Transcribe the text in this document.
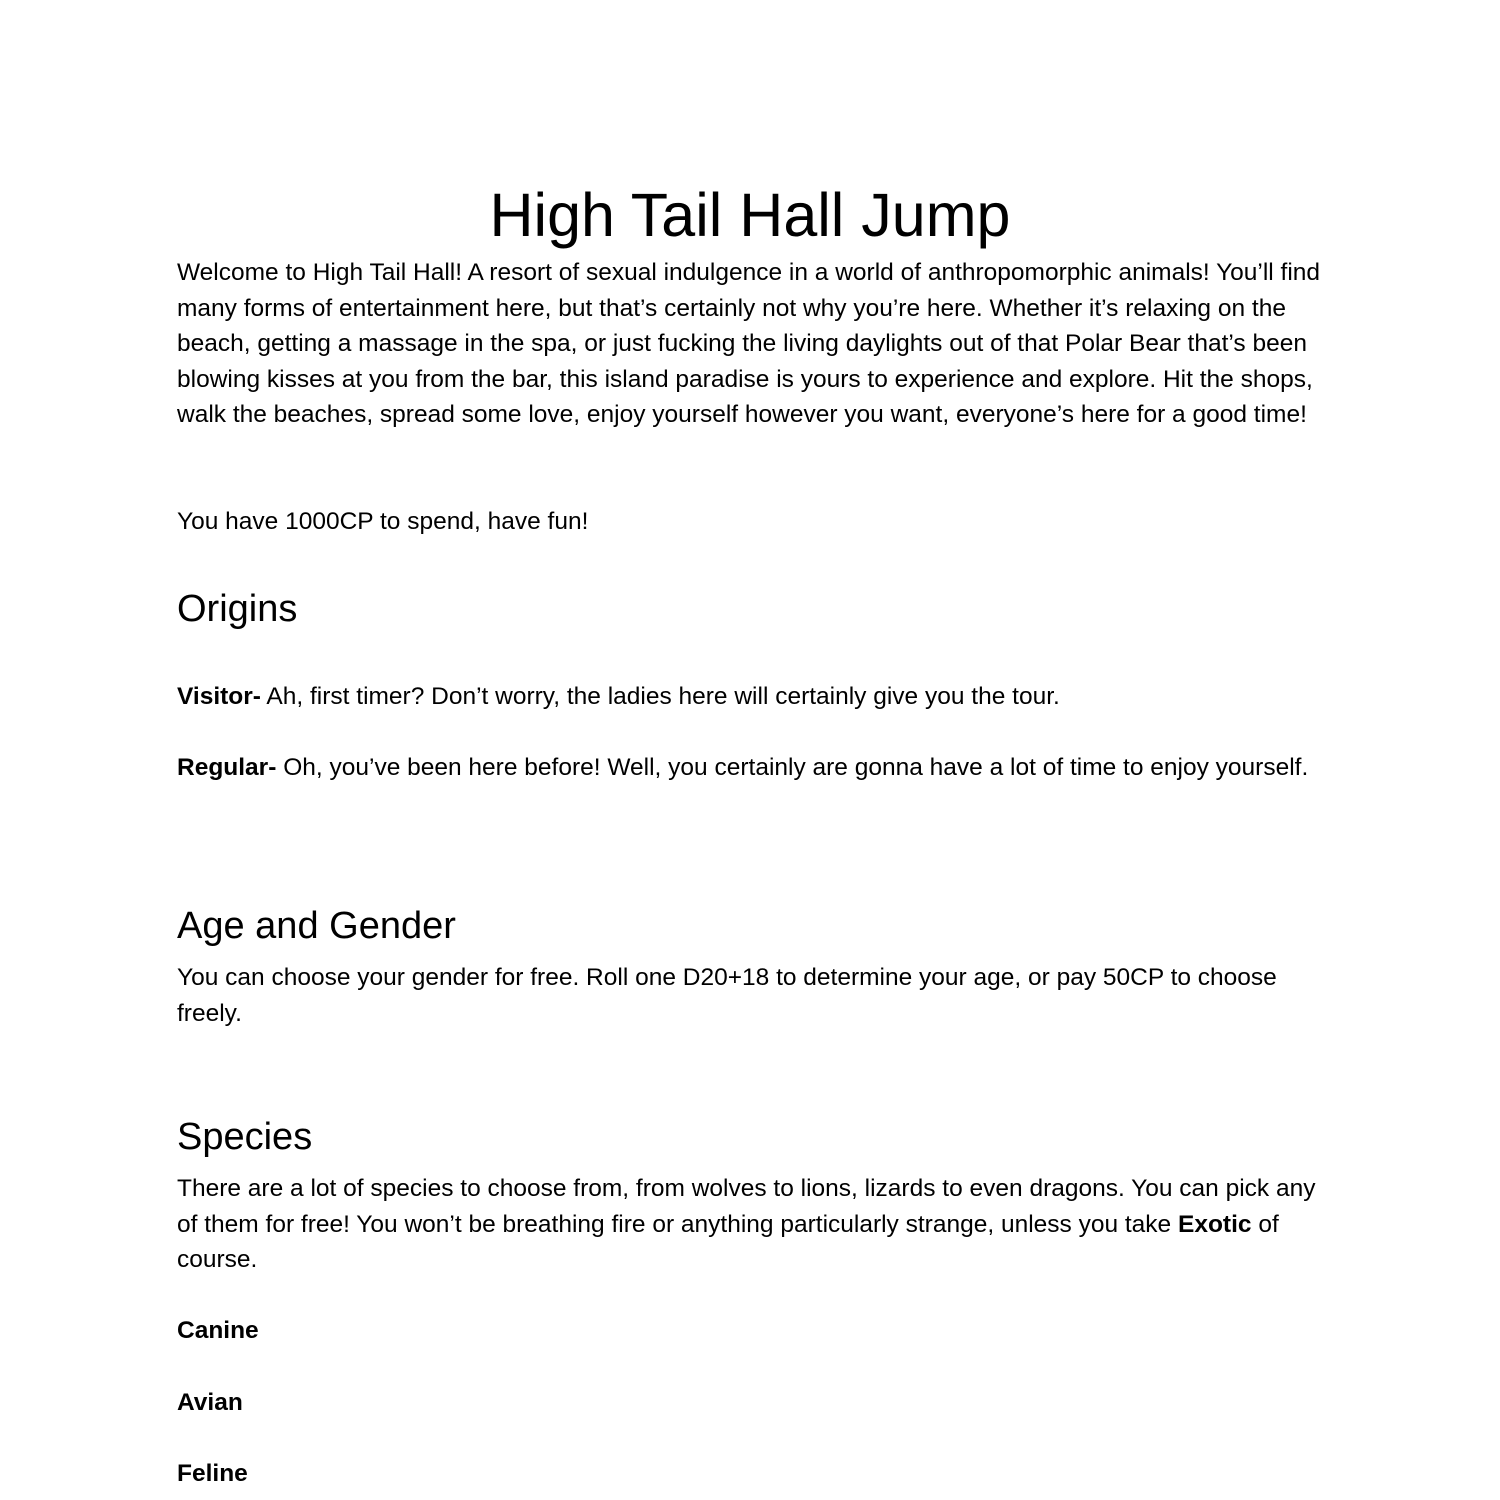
High Tail Hall Jump

Welcome to High Tail Hall! A resort of sexual indulgence in a world of anthropomorphic animals! You’ll find many forms of entertainment here, but that’s certainly not why you’re here. Whether it’s relaxing on the beach, getting a massage in the spa, or just fucking the living daylights out of that Polar Bear that’s been blowing kisses at you from the bar, this island paradise is yours to experience and explore. Hit the shops, walk the beaches, spread some love, enjoy yourself however you want, everyone’s here for a good time!

You have 1000CP to spend, have fun!

Origins

Visitor- Ah, first timer? Don’t worry, the ladies here will certainly give you the tour.

Regular- Oh, you’ve been here before! Well, you certainly are gonna have a lot of time to enjoy yourself.

Age and Gender

You can choose your gender for free. Roll one D20+18 to determine your age, or pay 50CP to choose freely.

Species

There are a lot of species to choose from, from wolves to lions, lizards to even dragons. You can pick any of them for free! You won’t be breathing fire or anything particularly strange, unless you take Exotic of course.

Canine

Avian

Feline
